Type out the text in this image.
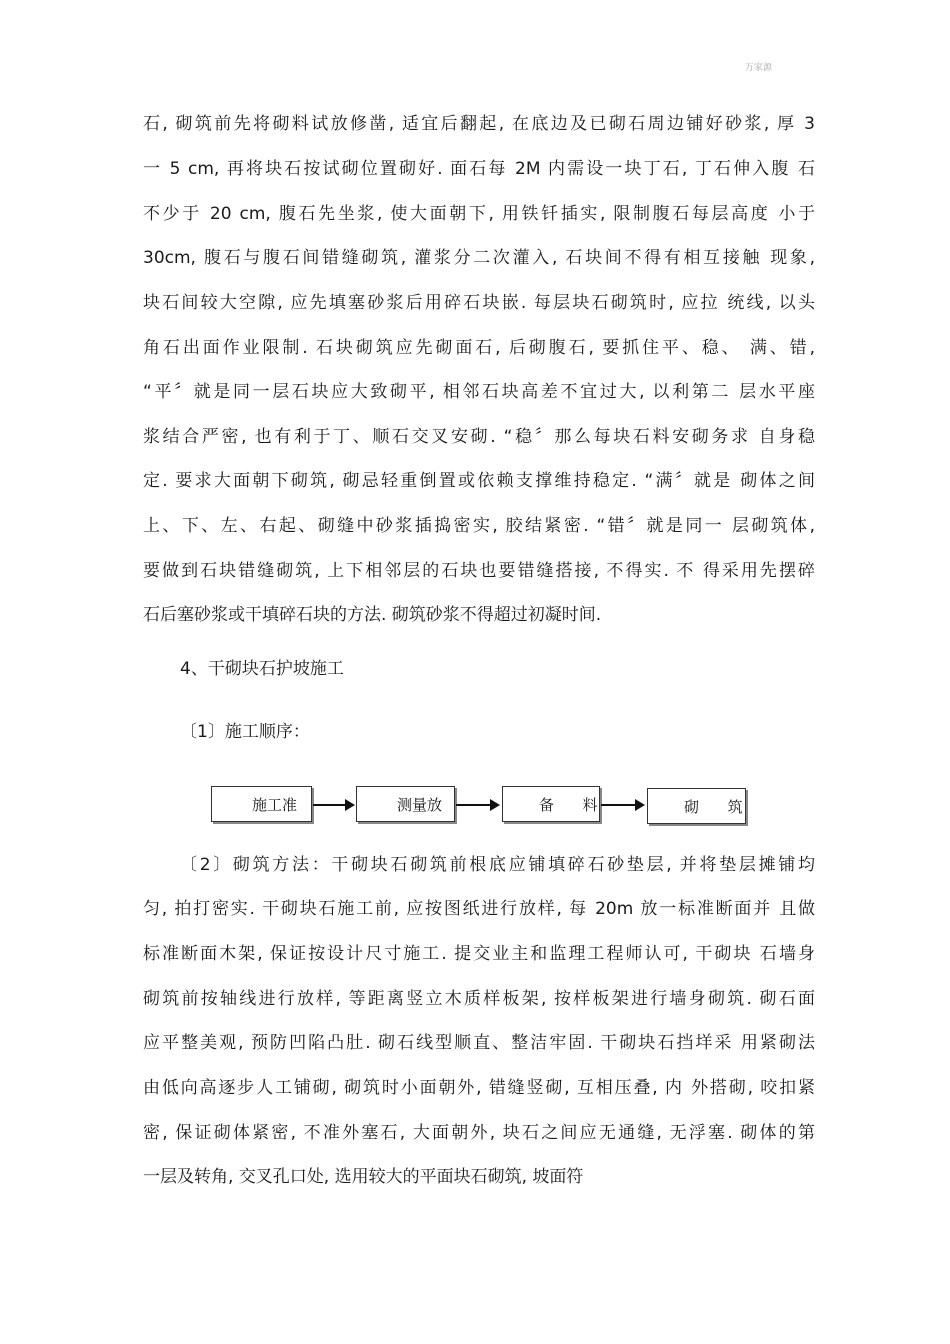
万家源
石, 砌筑前先将砌料试放修凿, 适宜后翻起, 在底边及已砌石周边铺好砂浆, 厚 3
一 5 cm, 再将块石按试砌位置砌好. 面石每 2M 内需设一块丁石, 丁石伸入腹 石
不少于 20 cm, 腹石先坐浆, 使大面朝下, 用铁钎插实, 限制腹石每层高度 小于
30cm, 腹石与腹石间错缝砌筑, 灌浆分二次灌入, 石块间不得有相互接触 现象,
块石间较大空隙, 应先填塞砂浆后用碎石块嵌. 每层块石砌筑时, 应拉 统线, 以头
角石出面作业限制. 石块砌筑应先砌面石, 后砌腹石, 要抓住平、稳、 满、错,
“平〞就是同一层石块应大致砌平, 相邻石块高差不宜过大, 以利第二 层水平座
浆结合严密, 也有利于丁、顺石交叉安砌. “稳〞那么每块石料安砌务求 自身稳
定. 要求大面朝下砌筑, 砌忌轻重倒置或依赖支撑维持稳定. “满〞就是 砌体之间
上、下、左、右起、砌缝中砂浆插捣密实, 胶结紧密. “错〞就是同一 层砌筑体,
要做到石块错缝砌筑, 上下相邻层的石块也要错缝搭接, 不得实. 不 得采用先摆碎
石后塞砂浆或干填碎石块的方法. 砌筑砂浆不得超过初凝时间.
4、干砌块石护坡施工
〔1〕施工顺序：
施工准	测量放	备      料	砌      筑
〔2〕砌筑方法：干砌块石砌筑前根底应铺填碎石砂垫层, 并将垫层摊铺均
匀, 拍打密实. 干砌块石施工前, 应按图纸进行放样, 每 20m 放一标准断面并 且做
标准断面木架, 保证按设计尺寸施工. 提交业主和监理工程师认可, 干砌块 石墙身
砌筑前按轴线进行放样, 等距离竖立木质样板架, 按样板架进行墙身砌筑. 砌石面
应平整美观, 预防凹陷凸肚. 砌石线型顺直、整洁牢固. 干砌块石挡垟采 用紧砌法
由低向高逐步人工铺砌, 砌筑时小面朝外, 错缝竖砌, 互相压叠, 内 外搭砌, 咬扣紧
密, 保证砌体紧密, 不准外塞石, 大面朝外, 块石之间应无通缝, 无浮塞. 砌体的第
一层及转角, 交叉孔口处, 选用较大的平面块石砌筑, 坡面符
